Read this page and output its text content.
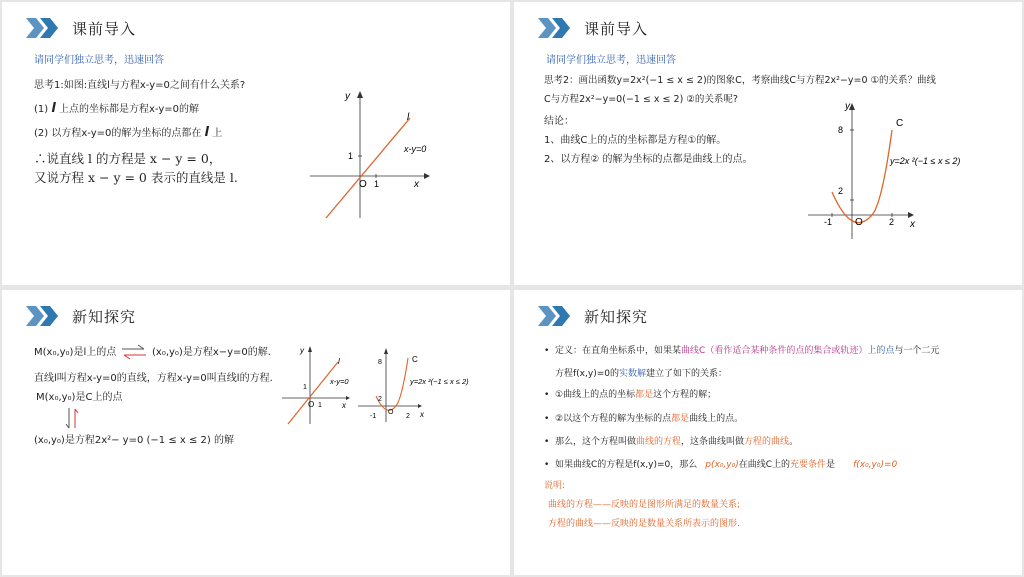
课前导入
请同学们独立思考，迅速回答
思考1:如图:直线l与方程x-y=0之间有什么关系?
(1) l 上点的坐标都是方程x-y=0的解
(2) 以方程x-y=0的解为坐标的点都在 l 上
∴说直线 l 的方程是 x − y = 0，
又说方程 x − y = 0 表示的直线是 l.
y
x
O 1
1
l
x-y=0
课前导入
请同学们独立思考，迅速回答
思考2：画出函数y=2x²(−1 ≤ x ≤ 2)的图象C，考察曲线C与方程2x²−y=0 ①的关系？曲线
C与方程2x²−y=0(−1 ≤ x ≤ 2) ②的关系呢?
结论：
1、曲线C上的点的坐标都是方程①的解。
2、以方程② 的解为坐标的点都是曲线上的点。
y
x
O
C
8
2
-1	2
y=2x ²(−1 ≤ x ≤ 2)
新知探究
M(x₀,y₀)是l上的点	(x₀,y₀)是方程x−y=0的解.
直线l叫方程x-y=0的直线，方程x-y=0叫直线l的方程.
M(x₀,y₀)是C上的点
(x₀,y₀)是方程2x²− y=0 (−1 ≤ x ≤ 2) 的解
y
x
O 1
1
l
x-y=0
C
8
2
O
-1	2 x
y=2x ²(−1 ≤ x ≤ 2)
新知探究
• 定义：在直角坐标系中，如果某曲线C（看作适合某种条件的点的集合或轨迹）上的点与一个二元
方程f(x,y)=0的实数解建立了如下的关系：
• ①曲线上的点的坐标都是这个方程的解；
• ②以这个方程的解为坐标的点都是曲线上的点。
• 那么，这个方程叫做曲线的方程，这条曲线叫做方程的曲线。
• 如果曲线C的方程是f(x,y)=0，那么 p(x₀,y₀)在曲线C上的充要条件是 f(x₀,y₀)=0
说明:
曲线的方程——反映的是图形所满足的数量关系;
方程的曲线——反映的是数量关系所表示的图形.
